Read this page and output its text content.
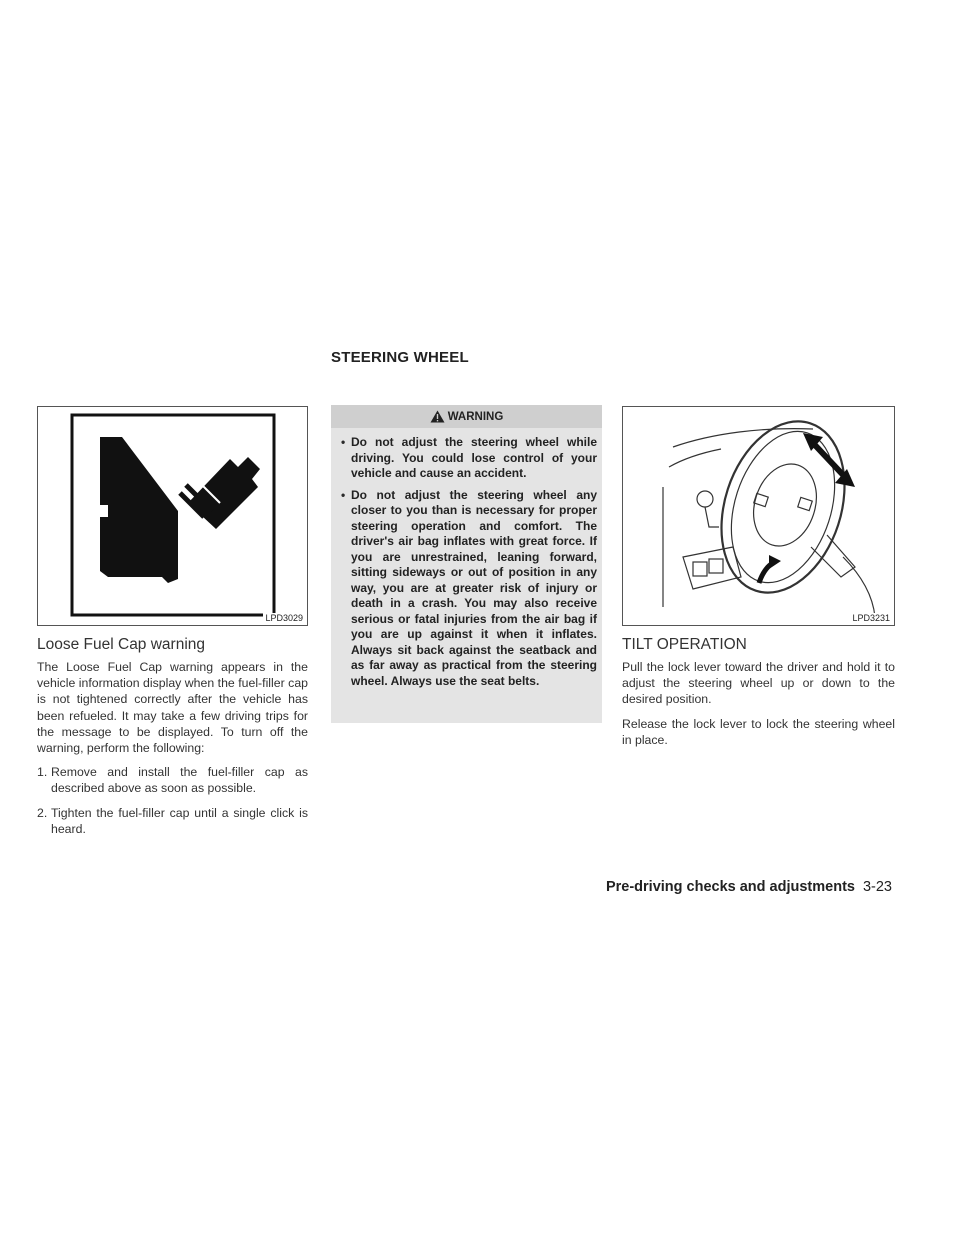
STEERING WHEEL
LPD3029
Loose Fuel Cap warning

The Loose Fuel Cap warning appears in the vehicle information display when the fuel-filler cap is not tightened correctly after the vehicle has been refueled. It may take a few driving trips for the message to be displayed. To turn off the warning, perform the following:

1. Remove and install the fuel-filler cap as described above as soon as possible.
2. Tighten the fuel-filler cap until a single click is heard.
WARNING
• Do not adjust the steering wheel while driving. You could lose control of your vehicle and cause an accident.
• Do not adjust the steering wheel any closer to you than is necessary for proper steering operation and comfort. The driver's air bag inflates with great force. If you are unrestrained, leaning forward, sitting sideways or out of position in any way, you are at greater risk of injury or death in a crash. You may also receive serious or fatal injuries from the air bag if you are up against it when it inflates. Always sit back against the seatback and as far away as practical from the steering wheel. Always use the seat belts.
LPD3231
TILT OPERATION

Pull the lock lever toward the driver and hold it to adjust the steering wheel up or down to the desired position.

Release the lock lever to lock the steering wheel in place.

Pre-driving checks and adjustments 3-23
